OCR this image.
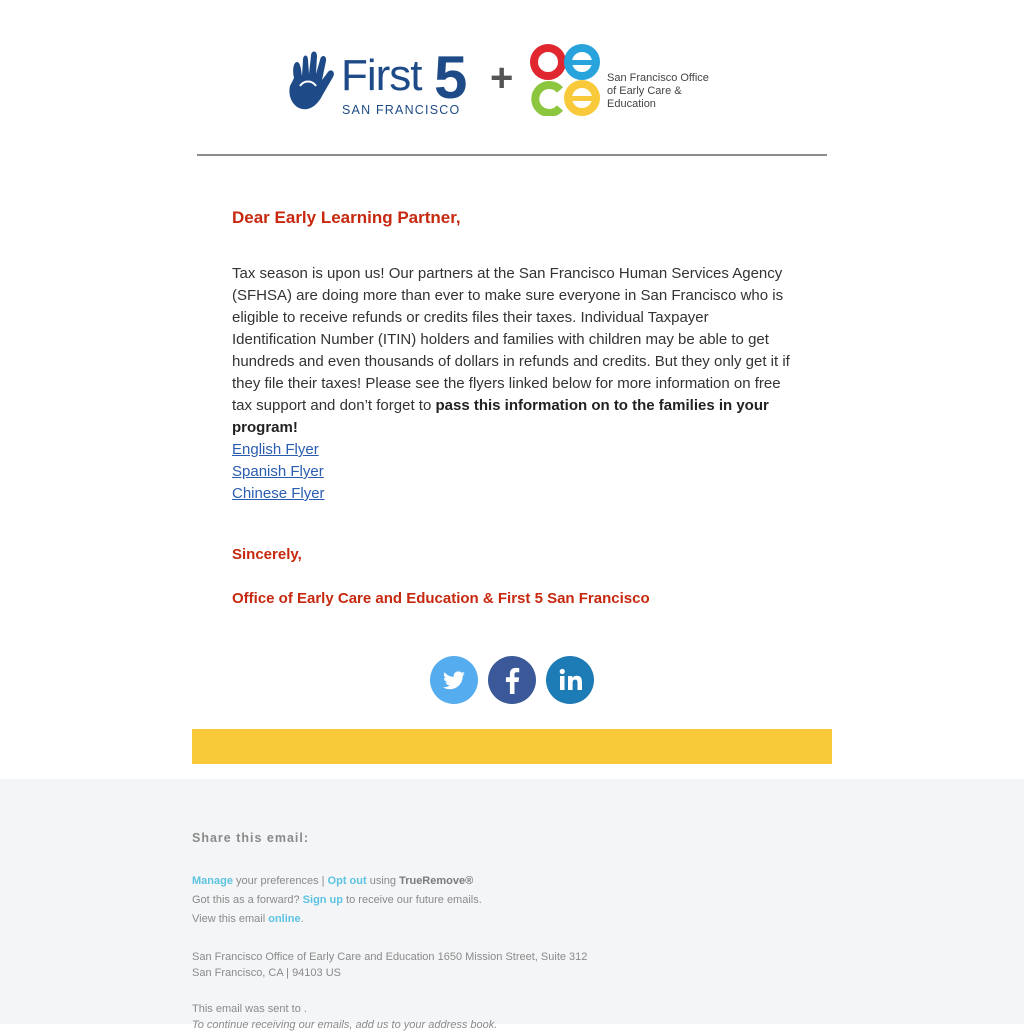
First 5
SAN FRANCISCO
+	San Francisco Office
of Early Care & Education
Dear Early Learning Partner,

Tax season is upon us! Our partners at the San Francisco Human Services Agency (SFHSA) are doing more than ever to make sure everyone in San Francisco who is eligible to receive refunds or credits files their taxes. Individual Taxpayer Identification Number (ITIN) holders and families with children may be able to get hundreds and even thousands of dollars in refunds and credits. But they only get it if they file their taxes! Please see the flyers linked below for more information on free tax support and don’t forget to pass this information on to the families in your program!

English Flyer
Spanish Flyer
Chinese Flyer
Sincerely,
Office of Early Care and Education & First 5 San Francisco
Share this email:
Manage your preferences | Opt out using TrueRemove®
Got this as a forward? Sign up to receive our future emails.
View this email online.
San Francisco Office of Early Care and Education 1650 Mission Street, Suite 312
San Francisco, CA | 94103 US
This email was sent to .
To continue receiving our emails, add us to your address book.
